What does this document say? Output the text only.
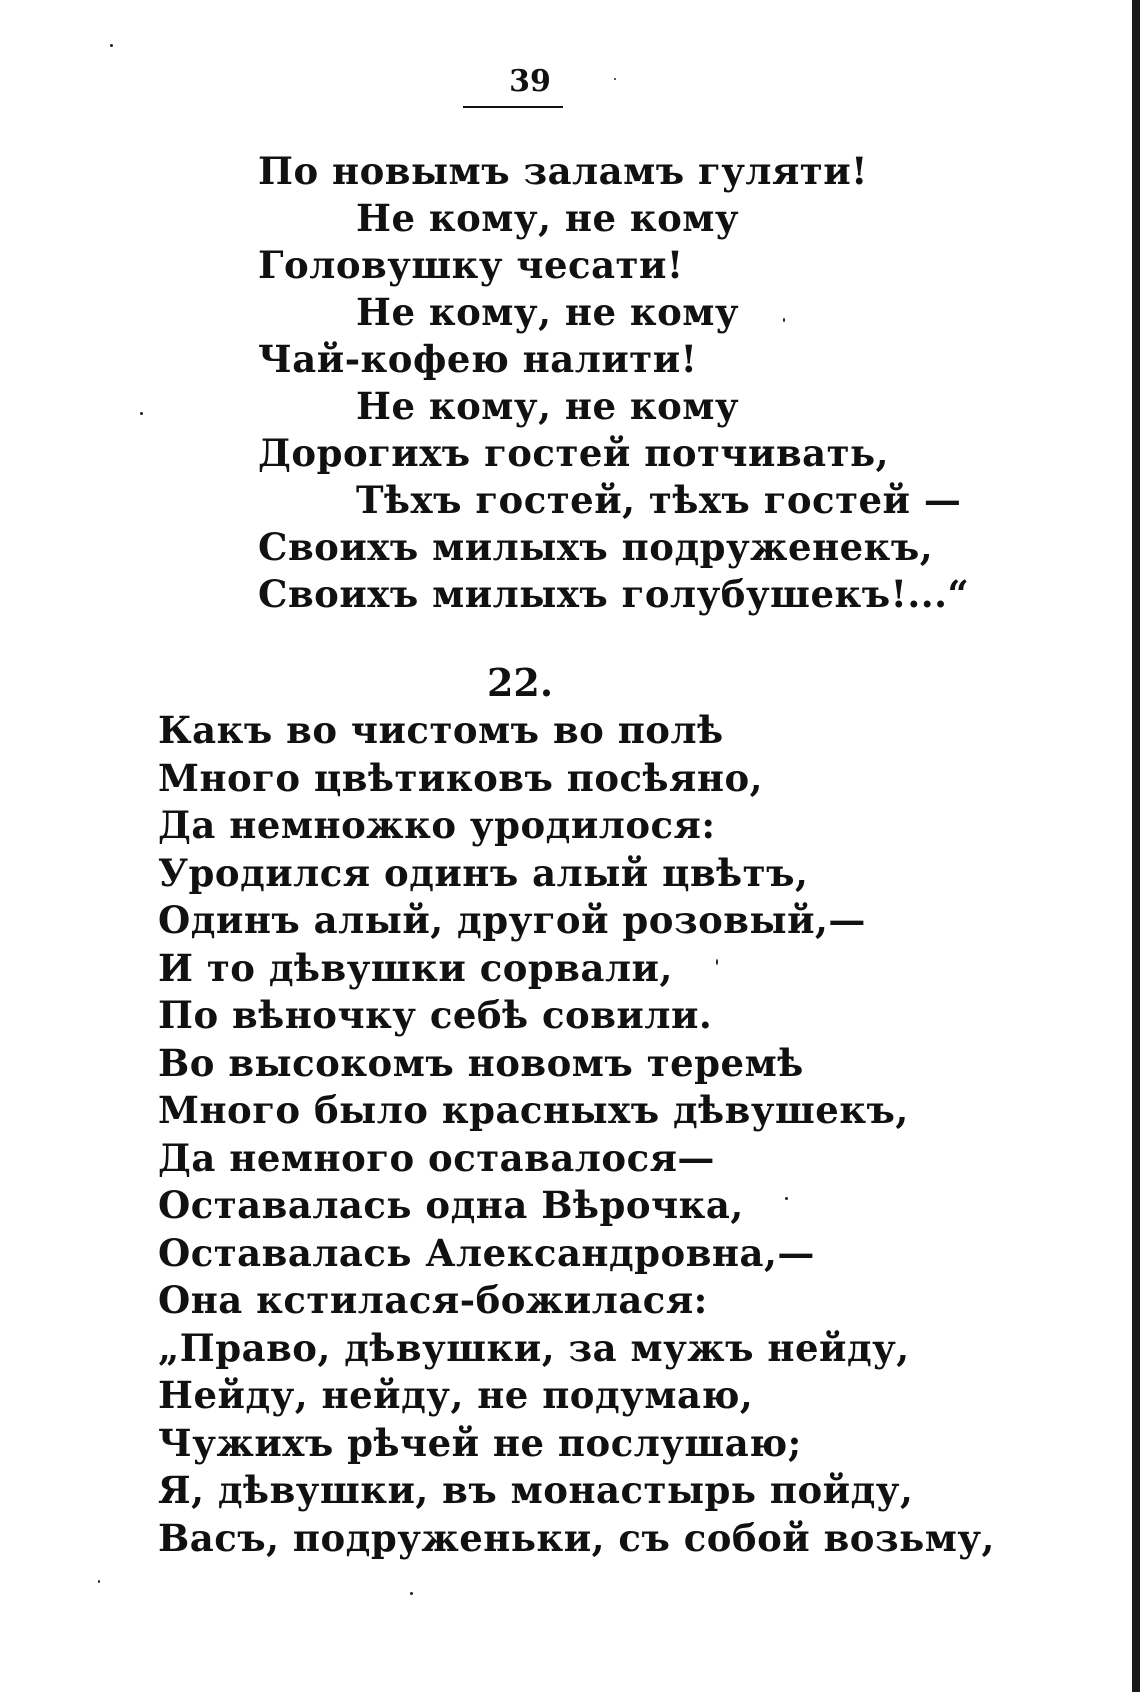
39
По новымъ заламъ гуляти!
Не кому, не кому
Головушку чесати!
Не кому, не кому
Чай-кофею налити!
Не кому, не кому
Дорогихъ гостей потчивать,
Тѣхъ гостей, тѣхъ гостей —
Своихъ милыхъ подруженекъ,
Своихъ милыхъ голубушекъ!...“
22.
Какъ во чистомъ во полѣ
Много цвѣтиковъ посѣяно,
Да немножко уродилося:
Уродился одинъ алый цвѣтъ,
Одинъ алый, другой розовый,—
И то дѣвушки сорвали,
По вѣночку себѣ совили.
Во высокомъ новомъ теремѣ
Много было красныхъ дѣвушекъ,
Да немного оставалося—
Оставалась одна Вѣрочка,
Оставалась Александровна,—
Она кстилася-божилася:
„Право, дѣвушки, за мужъ нейду,
Нейду, нейду, не подумаю,
Чужихъ рѣчей не послушаю;
Я, дѣвушки, въ монастырь пойду,
Васъ, подруженьки, съ собой возьму,
